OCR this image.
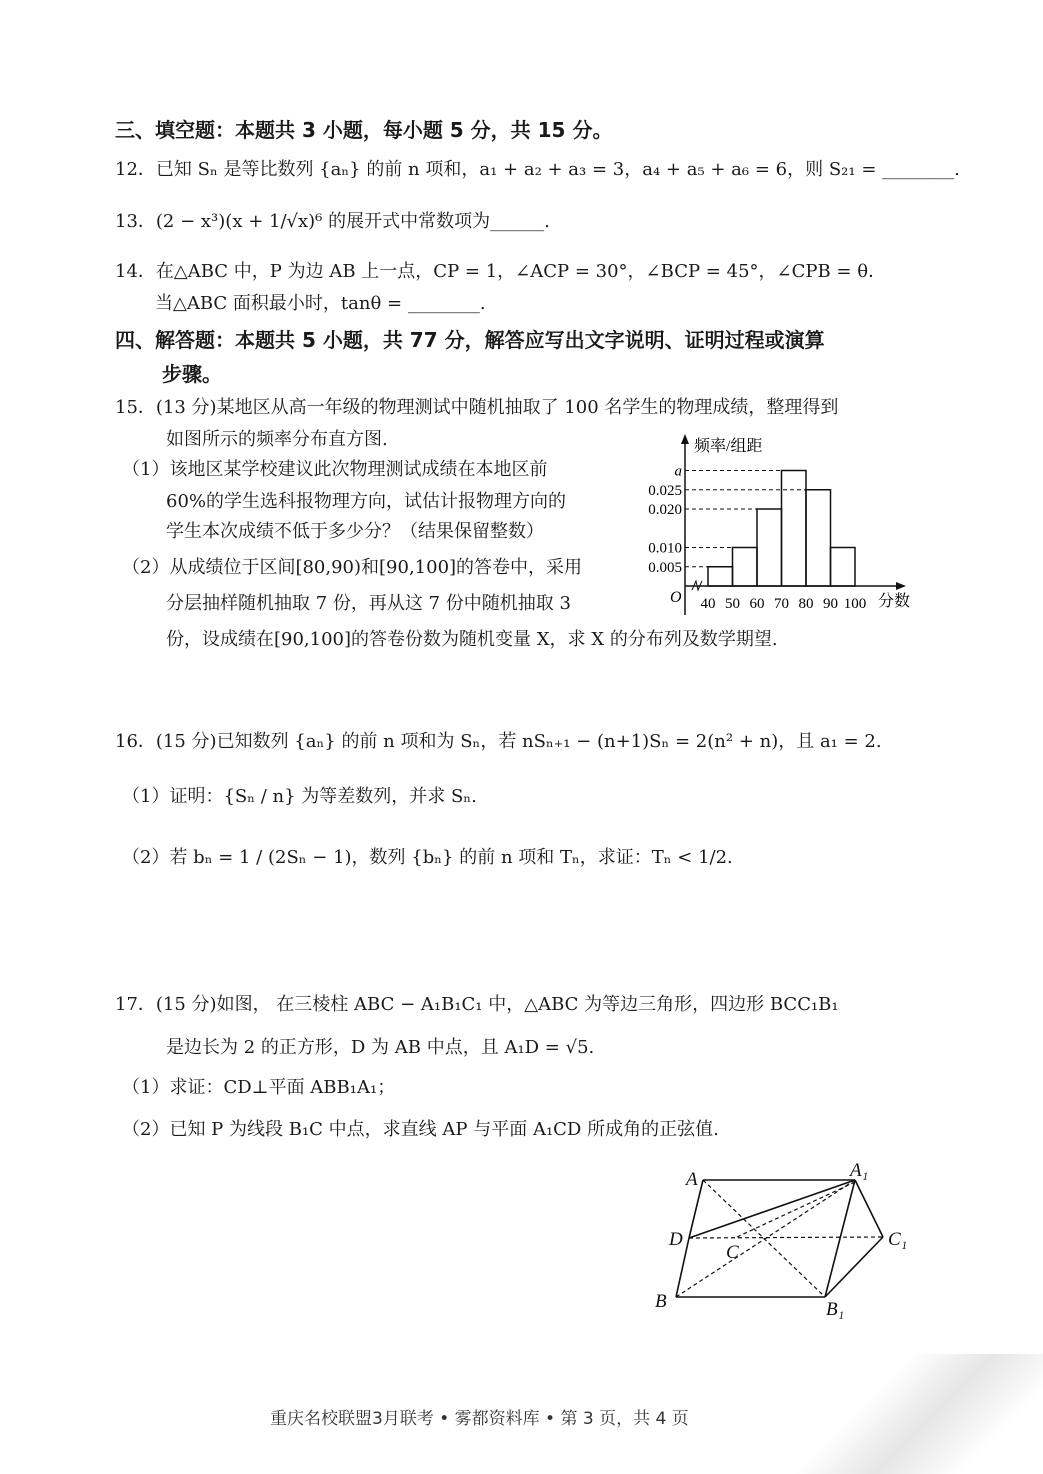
三、填空题：本题共 3 小题，每小题 5 分，共 15 分。
12．已知 Sₙ 是等比数列 {aₙ} 的前 n 项和，a₁ + a₂ + a₃ = 3，a₄ + a₅ + a₆ = 6，则 S₂₁ = ________.
13．(2 − x³)(x + 1/√x)⁶ 的展开式中常数项为______.
14．在△ABC 中，P 为边 AB 上一点，CP = 1，∠ACP = 30°，∠BCP = 45°，∠CPB = θ．
当△ABC 面积最小时，tanθ = ________.
四、解答题：本题共 5 小题，共 77 分，解答应写出文字说明、证明过程或演算
步骤。
15．(13 分)某地区从高一年级的物理测试中随机抽取了 100 名学生的物理成绩，整理得到
如图所示的频率分布直方图.
（1）该地区某学校建议此次物理测试成绩在本地区前
60%的学生选科报物理方向，试估计报物理方向的
学生本次成绩不低于多少分？（结果保留整数）
（2）从成绩位于区间[80,90)和[90,100]的答卷中，采用
分层抽样随机抽取 7 份，再从这 7 份中随机抽取 3
份，设成绩在[90,100]的答卷份数为随机变量 X，求 X 的分布列及数学期望.
频率/组距
O	分数
40 50 60 70 80 90 100
0.005
0.010
0.020
0.025
a
16．(15 分)已知数列 {aₙ} 的前 n 项和为 Sₙ，若 nSₙ₊₁ − (n+1)Sₙ = 2(n² + n)，且 a₁ = 2.
（1）证明：{Sₙ / n} 为等差数列，并求 Sₙ.
（2）若 bₙ = 1 / (2Sₙ − 1)，数列 {bₙ} 的前 n 项和 Tₙ，求证：Tₙ < 1/2.
17．(15 分)如图， 在三棱柱 ABC − A₁B₁C₁ 中，△ABC 为等边三角形，四边形 BCC₁B₁
是边长为 2 的正方形，D 为 AB 中点，且 A₁D = √5.
（1）求证：CD⊥平面 ABB₁A₁；
（2）已知 P 为线段 B₁C 中点，求直线 AP 与平面 A₁CD 所成角的正弦值.
A	A₁
D
C
C₁
B	B₁
重庆名校联盟3月联考 • 雾都资料库 • 第 3 页，共 4 页
